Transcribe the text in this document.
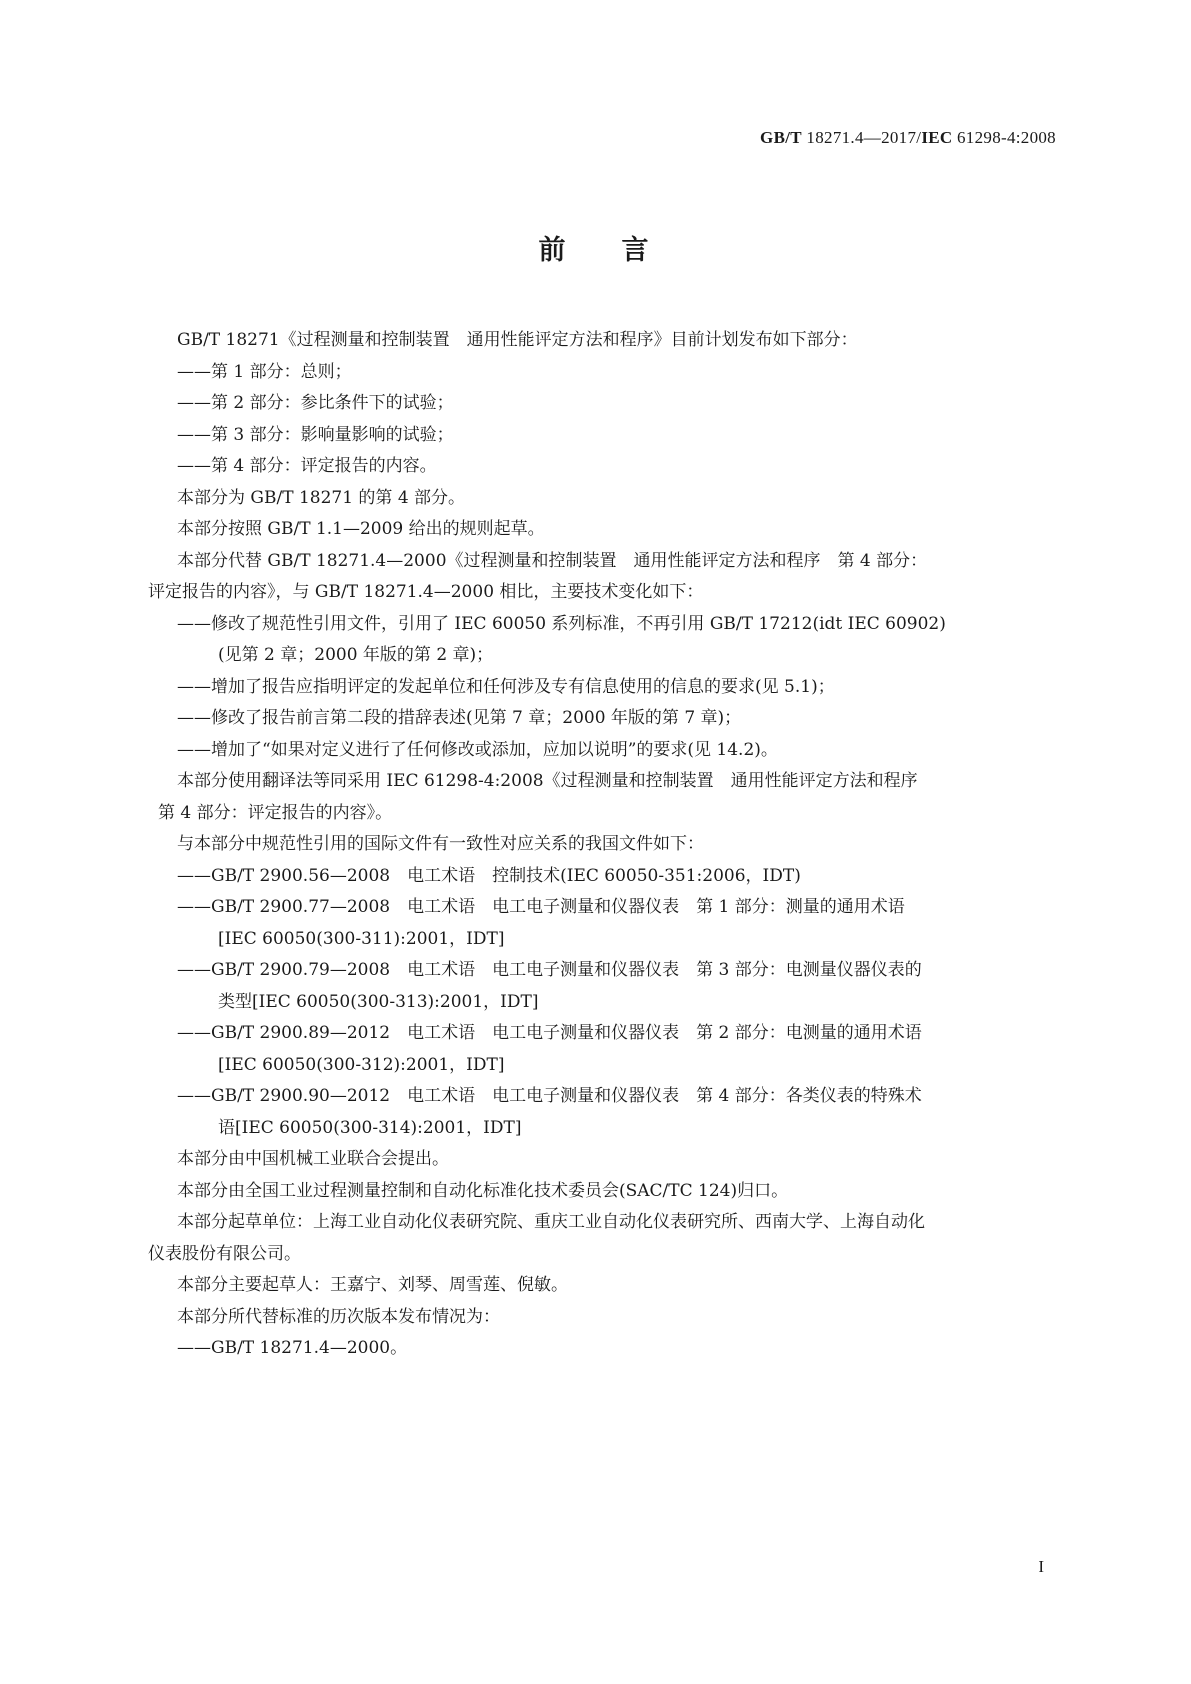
GB/T 18271.4—2017/IEC 61298-4:2008
前 言
GB/T 18271《过程测量和控制装置　通用性能评定方法和程序》目前计划发布如下部分：
——第 1 部分：总则；
——第 2 部分：参比条件下的试验；
——第 3 部分：影响量影响的试验；
——第 4 部分：评定报告的内容。
本部分为 GB/T 18271 的第 4 部分。
本部分按照 GB/T 1.1—2009 给出的规则起草。
本部分代替 GB/T 18271.4—2000《过程测量和控制装置　通用性能评定方法和程序　第 4 部分：
评定报告的内容》，与 GB/T 18271.4—2000 相比，主要技术变化如下：
——修改了规范性引用文件，引用了 IEC 60050 系列标准，不再引用 GB/T 17212(idt IEC 60902)
(见第 2 章；2000 年版的第 2 章)；
——增加了报告应指明评定的发起单位和任何涉及专有信息使用的信息的要求(见 5.1)；
——修改了报告前言第二段的措辞表述(见第 7 章；2000 年版的第 7 章)；
——增加了“如果对定义进行了任何修改或添加，应加以说明”的要求(见 14.2)。
本部分使用翻译法等同采用 IEC 61298-4:2008《过程测量和控制装置　通用性能评定方法和程序
第 4 部分：评定报告的内容》。
与本部分中规范性引用的国际文件有一致性对应关系的我国文件如下：
——GB/T 2900.56—2008　电工术语　控制技术(IEC 60050-351:2006，IDT)
——GB/T 2900.77—2008　电工术语　电工电子测量和仪器仪表　第 1 部分：测量的通用术语
[IEC 60050(300-311):2001，IDT]
——GB/T 2900.79—2008　电工术语　电工电子测量和仪器仪表　第 3 部分：电测量仪器仪表的
类型[IEC 60050(300-313):2001，IDT]
——GB/T 2900.89—2012　电工术语　电工电子测量和仪器仪表　第 2 部分：电测量的通用术语
[IEC 60050(300-312):2001，IDT]
——GB/T 2900.90—2012　电工术语　电工电子测量和仪器仪表　第 4 部分：各类仪表的特殊术
语[IEC 60050(300-314):2001，IDT]
本部分由中国机械工业联合会提出。
本部分由全国工业过程测量控制和自动化标准化技术委员会(SAC/TC 124)归口。
本部分起草单位：上海工业自动化仪表研究院、重庆工业自动化仪表研究所、西南大学、上海自动化
仪表股份有限公司。
本部分主要起草人：王嘉宁、刘琴、周雪莲、倪敏。
本部分所代替标准的历次版本发布情况为：
——GB/T 18271.4—2000。
I
